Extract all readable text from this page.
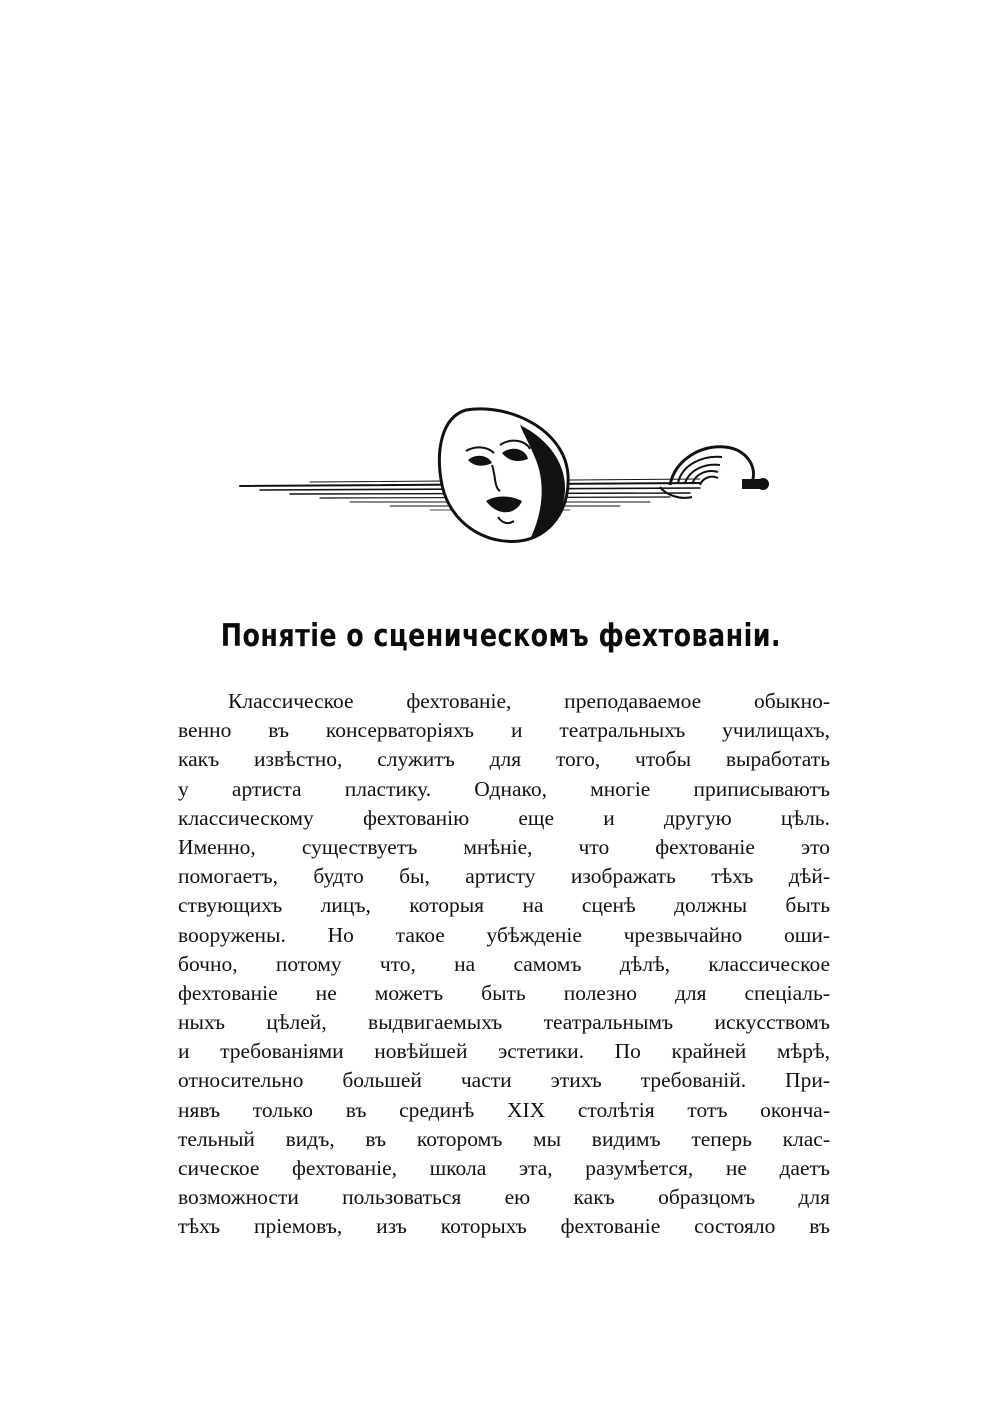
Понятіе о сценическомъ фехтованіи.
Классическое фехтованіе, преподаваемое обыкно-
венно въ консерваторіяхъ и театральныхъ училищахъ,
какъ извѣстно, служитъ для того, чтобы выработать
у артиста пластику. Однако, многіе приписываютъ
классическому фехтованію еще и другую цѣль.
Именно, существуетъ мнѣніе, что фехтованіе это
помогаетъ, будто бы, артисту изображать тѣхъ дѣй-
ствующихъ лицъ, которыя на сценѣ должны быть
вооружены. Но такое убѣжденіе чрезвычайно оши-
бочно, потому что, на самомъ дѣлѣ, классическое
фехтованіе не можетъ быть полезно для спеціаль-
ныхъ цѣлей, выдвигаемыхъ театральнымъ искусствомъ
и требованіями новѣйшей эстетики. По крайней мѣрѣ,
относительно большей части этихъ требованій. При-
нявъ только въ срединѣ XIX столѣтія тотъ оконча-
тельный видъ, въ которомъ мы видимъ теперь клас-
сическое фехтованіе, школа эта, разумѣется, не даетъ
возможности пользоваться ею какъ образцомъ для
тѣхъ пріемовъ, изъ которыхъ фехтованіе состояло въ
